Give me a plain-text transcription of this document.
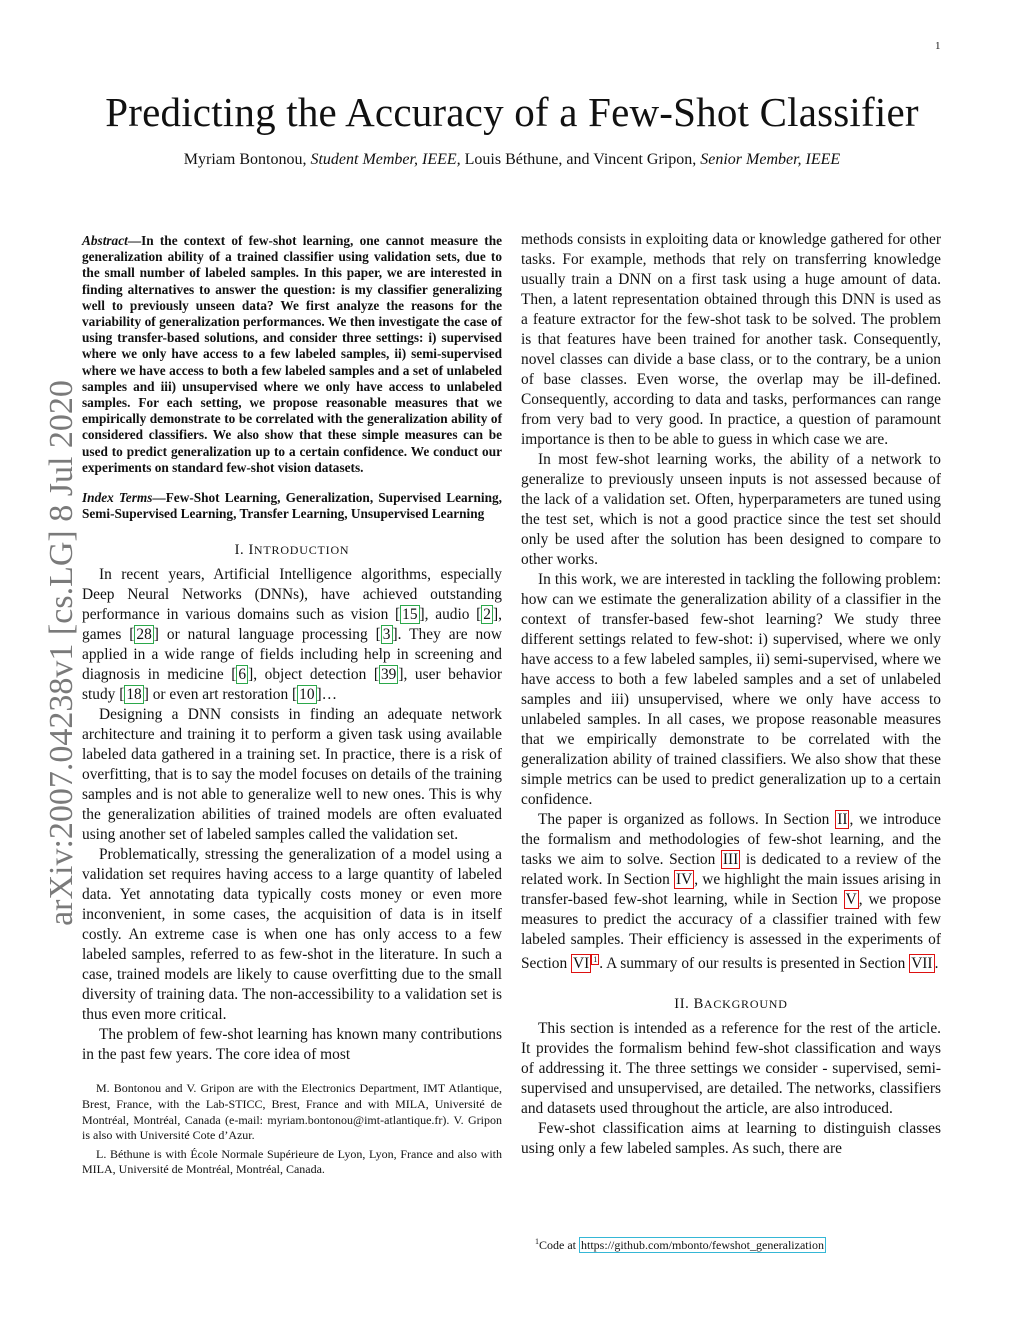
1
arXiv:2007.04238v1 [cs.LG] 8 Jul 2020
Predicting the Accuracy of a Few-Shot Classifier
Myriam Bontonou, Student Member, IEEE, Louis Béthune, and Vincent Gripon, Senior Member, IEEE

Abstract—In the context of few-shot learning, one cannot measure the generalization ability of a trained classifier using validation sets, due to the small number of labeled samples. In this paper, we are interested in finding alternatives to answer the question: is my classifier generalizing well to previously unseen data? We first analyze the reasons for the variability of generalization performances. We then investigate the case of using transfer-based solutions, and consider three settings: i) supervised where we only have access to a few labeled samples, ii) semi-supervised where we have access to both a few labeled samples and a set of unlabeled samples and iii) unsupervised where we only have access to unlabeled samples. For each setting, we propose reasonable measures that we empirically demonstrate to be correlated with the generalization ability of considered classifiers. We also show that these simple measures can be used to predict generalization up to a certain confidence. We conduct our experiments on standard few-shot vision datasets.

Index Terms—Few-Shot Learning, Generalization, Supervised Learning, Semi-Supervised Learning, Transfer Learning, Unsupervised Learning

I. INTRODUCTION

In recent years, Artificial Intelligence algorithms, especially Deep Neural Networks (DNNs), have achieved outstanding performance in various domains such as vision [ 15 ], audio [ 2 ], games [ 28 ] or natural language processing [ 3 ]. They are now applied in a wide range of fields including help in screening and diagnosis in medicine [ 6 ], object detection [ 39 ], user behavior study [ 18 ] or even art restoration [ 10 ]…

Designing a DNN consists in finding an adequate network architecture and training it to perform a given task using available labeled data gathered in a training set. In practice, there is a risk of overfitting, that is to say the model focuses on details of the training samples and is not able to generalize well to new ones. This is why the generalization abilities of trained models are often evaluated using another set of labeled samples called the validation set.

Problematically, stressing the generalization of a model using a validation set requires having access to a large quantity of labeled data. Yet annotating data typically costs money or even more inconvenient, in some cases, the acquisition of data is in itself costly. An extreme case is when one has only access to a few labeled samples, referred to as few-shot in the literature. In such a case, trained models are likely to cause overfitting due to the small diversity of training data. The non-accessibility to a validation set is thus even more critical.

The problem of few-shot learning has known many contributions in the past few years. The core idea of most

M. Bontonou and V. Gripon are with the Electronics Department, IMT Atlantique, Brest, France, with the Lab-STICC, Brest, France and with MILA, Université de Montréal, Montréal, Canada (e-mail: myriam.bontonou@imt-atlantique.fr). V. Gripon is also with Université Cote d’Azur.

L. Béthune is with École Normale Supérieure de Lyon, Lyon, France and also with MILA, Université de Montréal, Montréal, Canada.

methods consists in exploiting data or knowledge gathered for other tasks. For example, methods that rely on transferring knowledge usually train a DNN on a first task using a huge amount of data. Then, a latent representation obtained through this DNN is used as a feature extractor for the few-shot task to be solved. The problem is that features have been trained for another task. Consequently, novel classes can divide a base class, or to the contrary, be a union of base classes. Even worse, the overlap may be ill-defined. Consequently, according to data and tasks, performances can range from very bad to very good. In practice, a question of paramount importance is then to be able to guess in which case we are.

In most few-shot learning works, the ability of a network to generalize to previously unseen inputs is not assessed because of the lack of a validation set. Often, hyperparameters are tuned using the test set, which is not a good practice since the test set should only be used after the solution has been designed to compare to other works.

In this work, we are interested in tackling the following problem: how can we estimate the generalization ability of a classifier in the context of transfer-based few-shot learning? We study three different settings related to few-shot: i) supervised, where we only have access to a few labeled samples, ii) semi-supervised, where we have access to both a few labeled samples and a set of unlabeled samples and iii) unsupervised, where we only have access to unlabeled samples. In all cases, we propose reasonable measures that we empirically demonstrate to be correlated with the generalization ability of trained classifiers. We also show that these simple metrics can be used to predict generalization up to a certain confidence.

The paper is organized as follows. In Section II , we introduce the formalism and methodologies of few-shot learning, and the tasks we aim to solve. Section III is dedicated to a review of the related work. In Section IV , we highlight the main issues arising in transfer-based few-shot learning, while in Section V , we propose measures to predict the accuracy of a classifier trained with few labeled samples. Their efficiency is assessed in the experiments of Section VI $^1$ . A summary of our results is presented in Section VII .

II. BACKGROUND

This section is intended as a reference for the rest of the article. It provides the formalism behind few-shot classification and ways of addressing it. The three settings we consider - supervised, semi-supervised and unsupervised, are detailed. The networks, classifiers and datasets used throughout the article, are also introduced.

Few-shot classification aims at learning to distinguish classes using only a few labeled samples. As such, there are

$^1$Code at https://github.com/mbonto/fewshot_generalization
